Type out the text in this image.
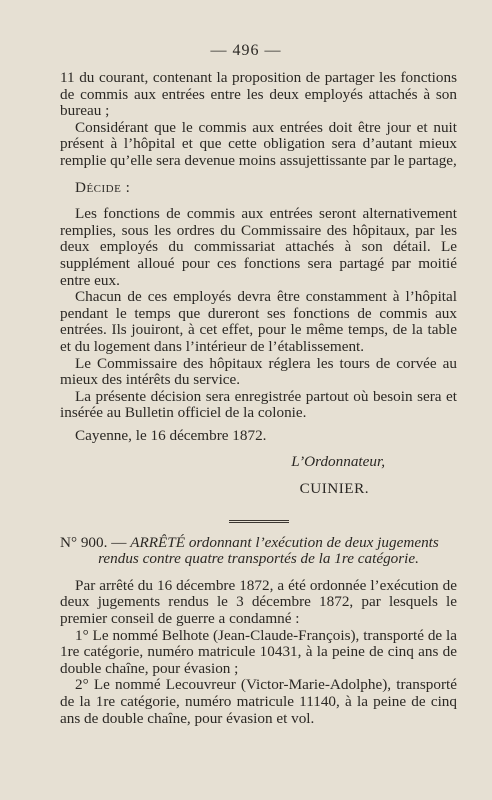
— 496 —

11 du courant, contenant la proposition de partager les fonctions de commis aux entrées entre les deux employés attachés à son bureau ;

Considérant que le commis aux entrées doit être jour et nuit présent à l’hôpital et que cette obligation sera d’autant mieux remplie qu’elle sera devenue moins assujettissante par le partage,

Décide :

Les fonctions de commis aux entrées seront alternativement remplies, sous les ordres du Commissaire des hôpitaux, par les deux employés du commissariat attachés à son détail. Le supplément alloué pour ces fonctions sera partagé par moitié entre eux.

Chacun de ces employés devra être constamment à l’hôpital pendant le temps que dureront ses fonctions de commis aux entrées. Ils jouiront, à cet effet, pour le même temps, de la table et du logement dans l’intérieur de l’établissement.

Le Commissaire des hôpitaux réglera les tours de corvée au mieux des intérêts du service.

La présente décision sera enregistrée partout où besoin sera et insérée au Bulletin officiel de la colonie.

Cayenne, le 16 décembre 1872.

L’Ordonnateur,

CUINIER.

N° 900. — ARRÊTÉ ordonnant l’exécution de deux jugements

rendus contre quatre transportés de la 1re catégorie.

Par arrêté du 16 décembre 1872, a été ordonnée l’exécution de deux jugements rendus le 3 décembre 1872, par lesquels le premier conseil de guerre a condamné :

1° Le nommé Belhote (Jean-Claude-François), transporté de la 1re catégorie, numéro matricule 10431, à la peine de cinq ans de double chaîne, pour évasion ;

2° Le nommé Lecouvreur (Victor-Marie-Adolphe), transporté de la 1re catégorie, numéro matricule 11140, à la peine de cinq ans de double chaîne, pour évasion et vol.
